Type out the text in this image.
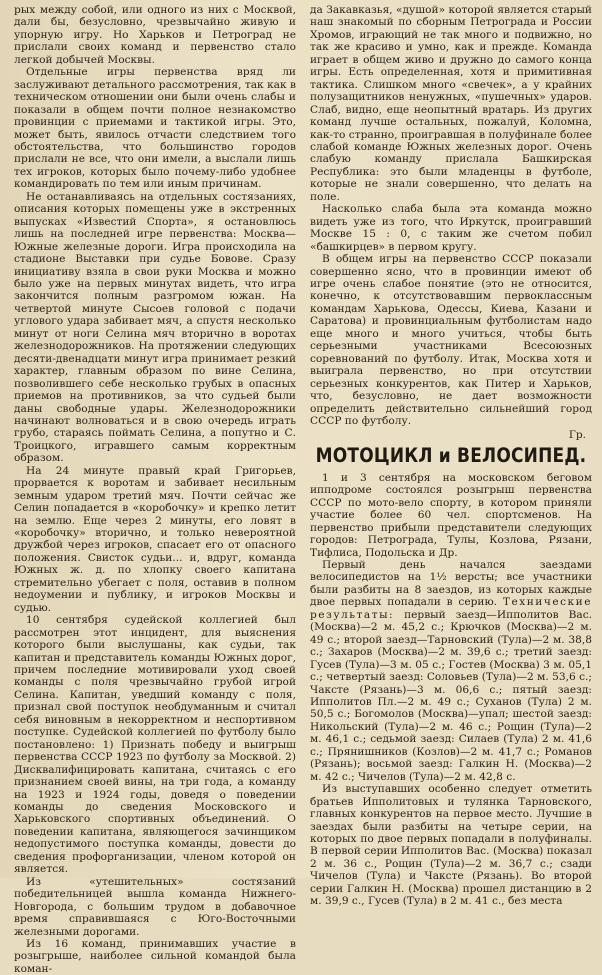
рых между собой, или одного из них с Москвой, дали бы, безусловно, чрезвычайно живую и упорную игру. Но Харьков и Петроград не прислали своих команд и первенство стало легкой добычей Москвы.

Отдельные игры первенства вряд ли заслуживают детального рассмотрения, так как в техническом отношении они были очень слабы и показали в общем почти полное незнакомство провинции с приемами и тактикой игры. Это, может быть, явилось отчасти следствием того обстоятельства, что большинство городов прислали не все, что они имели, а выслали лишь тех игроков, которых было почему-либо удобнее командировать по тем или иным причинам.

Не останавливаясь на отдельных состязаниях, описания которых помещены уже в экстренных выпусках «Известий Спорта», я остановлюсь лишь на последней игре первенства: Москва—Южные железные дороги. Игра происходила на стадионе Выставки при судье Бовове. Сразу инициативу взяла в свои руки Москва и можно было уже на первых минутах видеть, что игра закончится полным разгромом южан. На четвертой минуте Сысоев головой с подачи углового удара забивает мяч, а спустя несколько минут от ноги Селина мяч вторично в воротах железнодорожников. На протяжении следующих десяти-двенадцати минут игра принимает резкий характер, главным образом по вине Селина, позволившего себе несколько грубых в опасных приемов на противников, за что судьей были даны свободные удары. Железнодорожники начинают волноваться и в свою очередь играть грубо, стараясь поймать Селина, а попутно и С. Троицкого, игравшего самым корректным образом.

На 24 минуте правый край Григорьев, прорвается к воротам и забивает несильным земным ударом третий мяч. Почти сейчас же Селин попадается в «коробочку» и крепко летит на землю. Еще через 2 минуты, его ловят в «коробочку» вторично, и только невероятной дружбой через игроков, спасает его от опасного положения. Свисток судьи... и, вдруг, команда Южных ж. д. по хлопку своего капитана стремительно убегает с поля, оставив в полном недоумении и публику, и игроков Москвы и судью.

10 сентября судейской коллегией был рассмотрен этот инцидент, для выяснения которого были выслушаны, как судьи, так капитан и представитель команды Южных дорог, причем последние мотивировали уход своей команды с поля чрезвычайно грубой игрой Селина. Капитан, уведший команду с поля, признал свой поступок необдуманным и считал себя виновным в некорректном и неспортивном поступке. Судейской коллегией по футболу было постановлено: 1) Признать победу и выигрыш первенства СССР 1923 по футболу за Москвой. 2) Дисквалифицировать капитана, считаясь с его признанием своей вины, на три года, а команду на 1923 и 1924 годы, доведя о поведении команды до сведения Московского и Харьковского спортивных объединений. О поведении капитана, являющегося зачинщиком недопустимого поступка команды, довести до сведения профорганизации, членом которой он является.

Из «утешительных» состязаний победительницей вышла команда Нижнего-Новгорода, с большим трудом в добавочное время справившаяся с Юго-Восточными железными дорогами.

Из 16 команд, принимавших участие в розыгрыше, наиболее сильной командой была коман-

да Закавказья, «душой» которой является старый наш знакомый по сборным Петрограда и России Хромов, играющий не так много и подвижно, но так же красиво и умно, как и прежде. Команда играет в общем живо и дружно до самого конца игры. Есть определенная, хотя и примитивная тактика. Слишком много «свечек», а у крайних полузащитников ненужных, «пушечных» ударов. Слаб, видно, еще неопытный вратарь. Из других команд лучше остальных, пожалуй, Коломна, как-то странно, проигравшая в полуфинале более слабой команде Южных железных дорог. Очень слабую команду прислала Башкирская Республика: это были младенцы в футболе, которые не знали совершенно, что делать на поле.

Насколько слаба была эта команда можно видеть уже из того, что Иркутск, проигравший Москве 15 : 0, с таким же счетом побил «башкирцев» в первом кругу.

В общем игры на первенство СССР показали совершенно ясно, что в провинции имеют об игре очень слабое понятие (это не относится, конечно, к отсутствовавшим первоклассным командам Харькова, Одессы, Киева, Казани и Саратова) и провинциальным футболистам надо еще много и много учиться, чтобы быть серьезными участниками Всесоюзных соревнований по футболу. Итак, Москва хотя и выиграла первенство, но при отсутствии серьезных конкурентов, как Питер и Харьков, что, безусловно, не дает возможности определить действительно сильнейший город СССР по футболу.

Гр.

МОТОЦИКЛ и ВЕЛОСИПЕД.

1 и 3 сентября на московском беговом ипподроме состоялся розыгрыш первенства СССР по мото-вело спорту, в котором приняли участие более 60 чел. спортсменов. На первенство прибыли представители следующих городов: Петрограда, Тулы, Козлова, Рязани, Тифлиса, Подольска и Др.

Первый день начался заездами велосипедистов на 1½ версты; все участники были разбиты на 8 заездов, из которых каждые двое первых попадали в серию. Технические результаты: первый заезд—Ипполитов Вас. (Москва)—2 м. 45,2 с.; Крючков (Москва)—2 м. 49 с.; второй заезд—Тарновский (Тула)—2 м. 38,8 с.; Захаров (Москва)—2 м. 39,6 с.; третий заезд: Гусев (Тула)—3 м. 05 с.; Гостев (Москва) 3 м. 05,1 с.; четвертый заезд: Соловьев (Тула)—2 м. 53,6 с.; Чаксте (Рязань)—3 м. 06,6 с.; пятый заезд: Ипполитов Пл.—2 м. 49 с.; Суханов (Тула) 2 м. 50,5 с.; Богомолов (Москва)—упал; шестой заезд: Никольский (Тула)—2 м. 46 с.; Рощин (Тула)—2 м. 46,1 с.; седьмой заезд: Силаев (Тула) 2 м. 41,6 с.; Прянишников (Козлов)—2 м. 41,7 с.; Романов (Рязань); восьмой заезд: Галкин Н. (Москва)—2 м. 42 с.; Чичелов (Тула)—2 м. 42,8 с.

Из выступавших особенно следует отметить братьев Ипполитовых и тулянка Тарновского, главных конкурентов на первое место. Лучшие в заездах были разбиты на четыре серии, на которых по двое первых попадали в полуфиналы. В первой серии Ипполитов Вас. (Москва) показал 2 м. 36 с., Рощин (Тула)—2 м. 36,7 с.; сзади Чичелов (Тула) и Чаксте (Рязань). Во второй серии Галкин Н. (Москва) прошел дистанцию в 2 м. 39,9 с., Гусев (Тула) в 2 м. 41 с., без места
